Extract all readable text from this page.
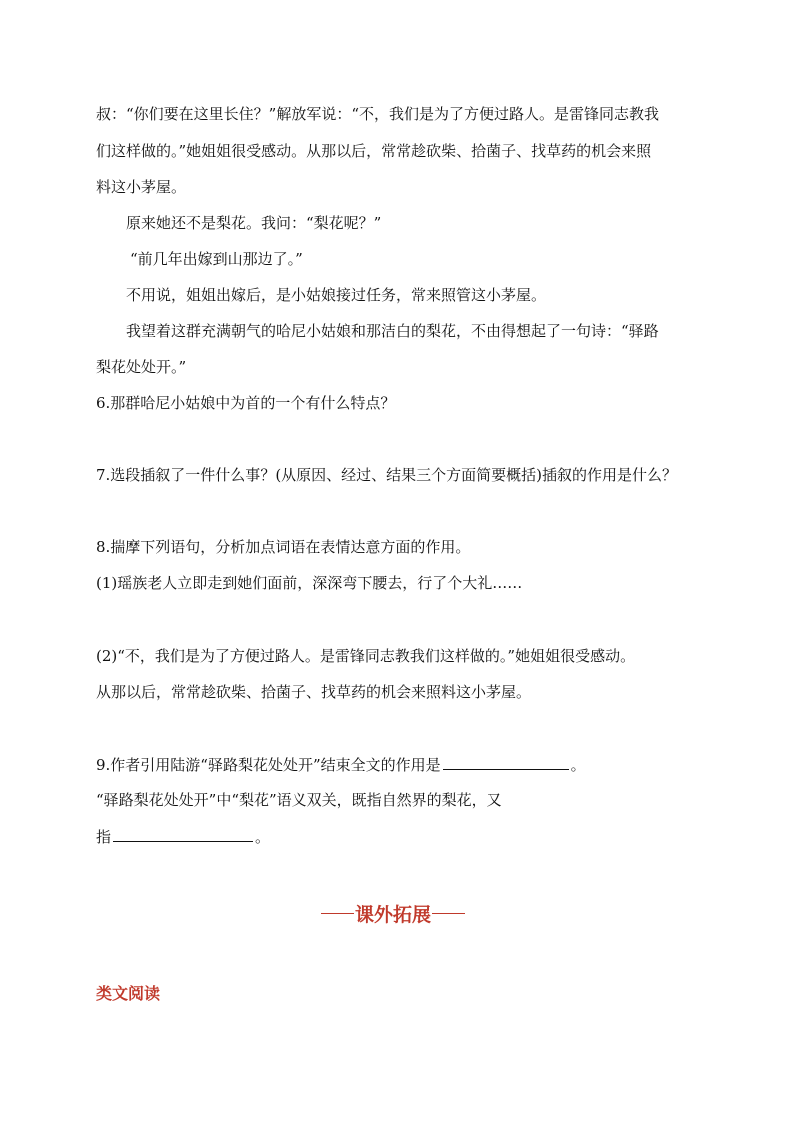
叔：“你们要在这里长住？”解放军说：“不，我们是为了方便过路人。是雷锋同志教我

们这样做的。”她姐姐很受感动。从那以后，常常趁砍柴、拾菌子、找草药的机会来照

料这小茅屋。

原来她还不是梨花。我问：“梨花呢？”

“前几年出嫁到山那边了。”

不用说，姐姐出嫁后，是小姑娘接过任务，常来照管这小茅屋。

我望着这群充满朝气的哈尼小姑娘和那洁白的梨花，不由得想起了一句诗：“驿路

梨花处处开。”

6.那群哈尼小姑娘中为首的一个有什么特点？

7.选段插叙了一件什么事？(从原因、经过、结果三个方面简要概括)插叙的作用是什么？

8.揣摩下列语句，分析加点词语在表情达意方面的作用。

(1)瑶族老人立即走到她们面前，深深弯下腰去，行了个大礼……

(2)“不，我们是为了方便过路人。是雷锋同志教我们这样做的。”她姐姐很受感动。

从那以后，常常趁砍柴、拾菌子、找草药的机会来照料这小茅屋。

9.作者引用陆游“驿路梨花处处开”结束全文的作用是	。

“驿路梨花处处开”中“梨花”语义双关，既指自然界的梨花，又

指	。

课外拓展
类文阅读
